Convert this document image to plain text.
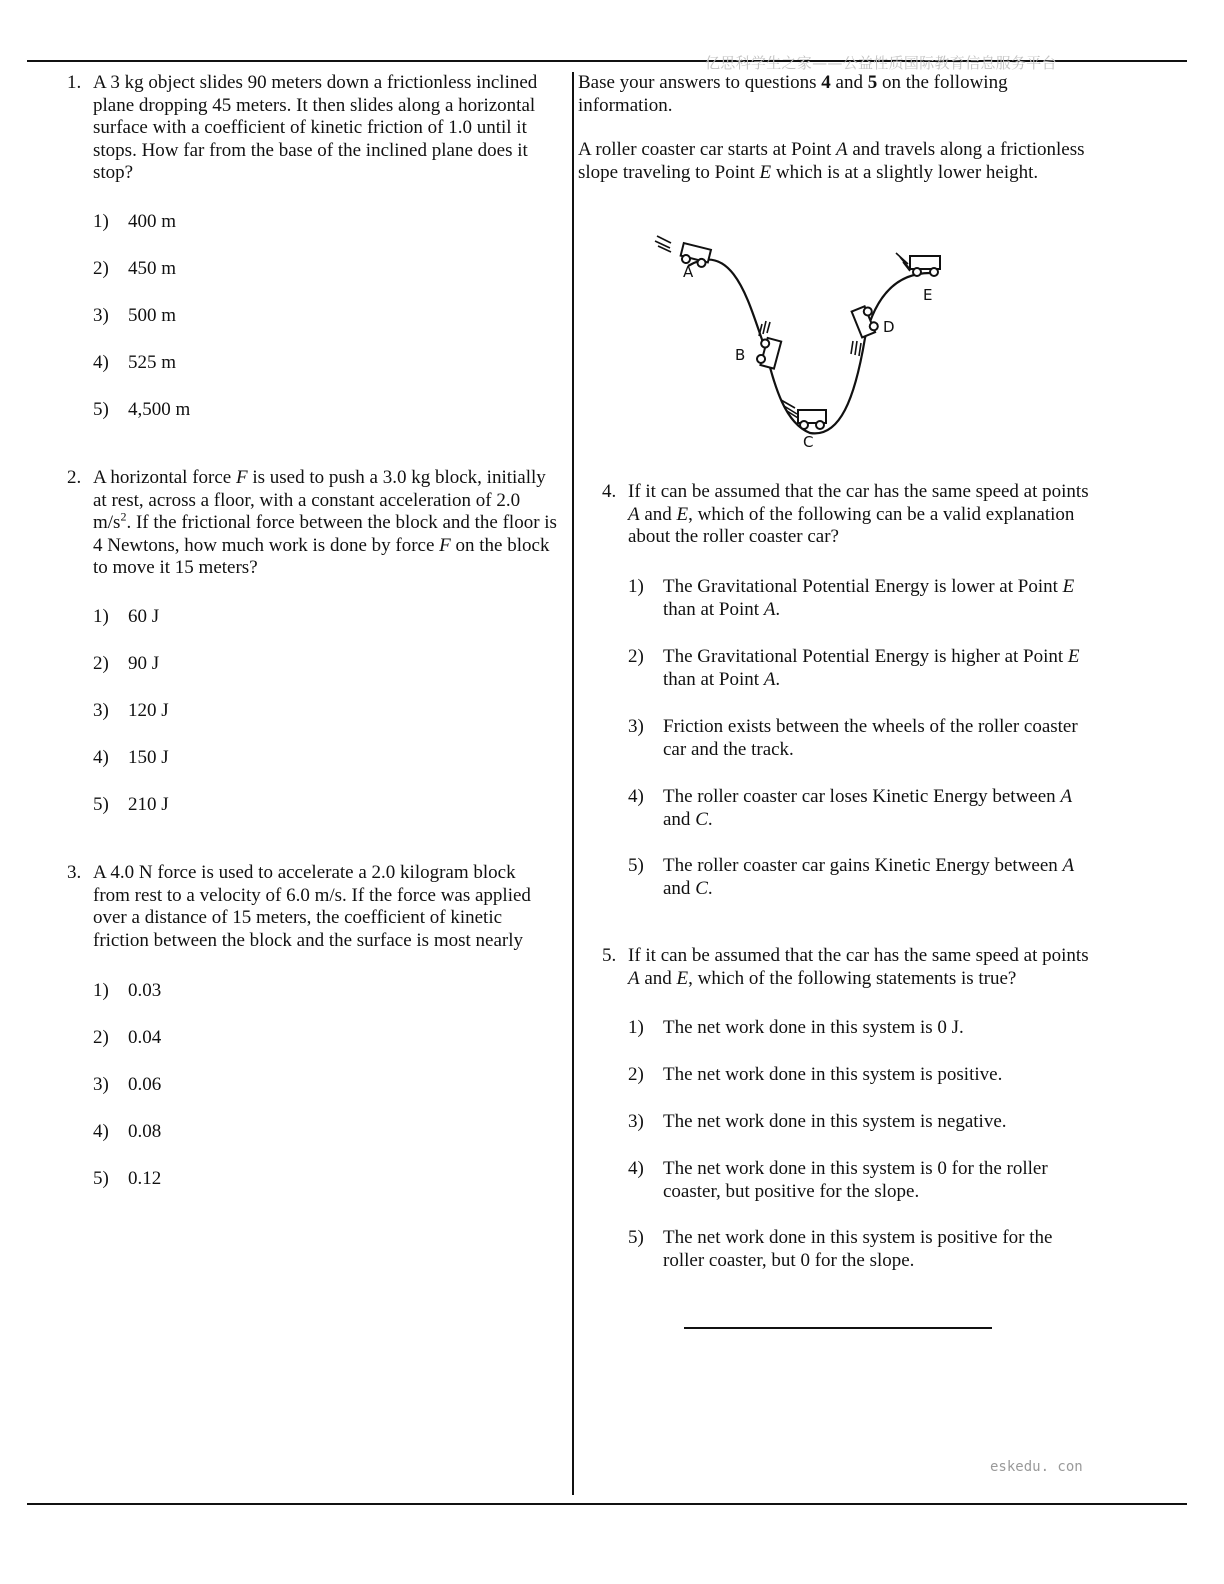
亿思科学生之家——公益性质国际教育信息服务平台
eskedu. con
1. A 3 kg object slides 90 meters down a frictionless inclined plane dropping 45 meters. It then slides along a horizontal surface with a coefficient of kinetic friction of 1.0 until it stops. How far from the base of the inclined plane does it stop?
1) 400 m
2) 450 m
3) 500 m
4) 525 m
5) 4,500 m
2. A horizontal force F is used to push a 3.0 kg block, initially at rest, across a floor, with a constant acceleration of 2.0 $m/s^2$. If the frictional force between the block and the floor is 4 Newtons, how much work is done by force F on the block to move it 15 meters?
1) 60 J
2) 90 J
3) 120 J
4) 150 J
5) 210 J
3. A 4.0 N force is used to accelerate a 2.0 kilogram block from rest to a velocity of 6.0 m/s. If the force was applied over a distance of 15 meters, the coefficient of kinetic friction between the block and the surface is most nearly
1) 0.03
2) 0.04
3) 0.06
4) 0.08
5) 0.12
Base your answers to questions 4 and 5 on the following information.
A roller coaster car starts at Point A and travels along a frictionless slope traveling to Point E which is at a slightly lower height.
A
B
C
D
E
4. If it can be assumed that the car has the same speed at points A and E, which of the following can be a valid explanation about the roller coaster car?
1) The Gravitational Potential Energy is lower at Point E than at Point A.
2) The Gravitational Potential Energy is higher at Point E than at Point A.
3) Friction exists between the wheels of the roller coaster car and the track.
4) The roller coaster car loses Kinetic Energy between A
and C.
5) The roller coaster car gains Kinetic Energy between A
and C.
5. If it can be assumed that the car has the same speed at points A and E, which of the following statements is true?
1) The net work done in this system is 0 J.
2) The net work done in this system is positive.
3) The net work done in this system is negative.
4) The net work done in this system is 0 for the roller coaster, but positive for the slope.
5) The net work done in this system is positive for the roller coaster, but 0 for the slope.
